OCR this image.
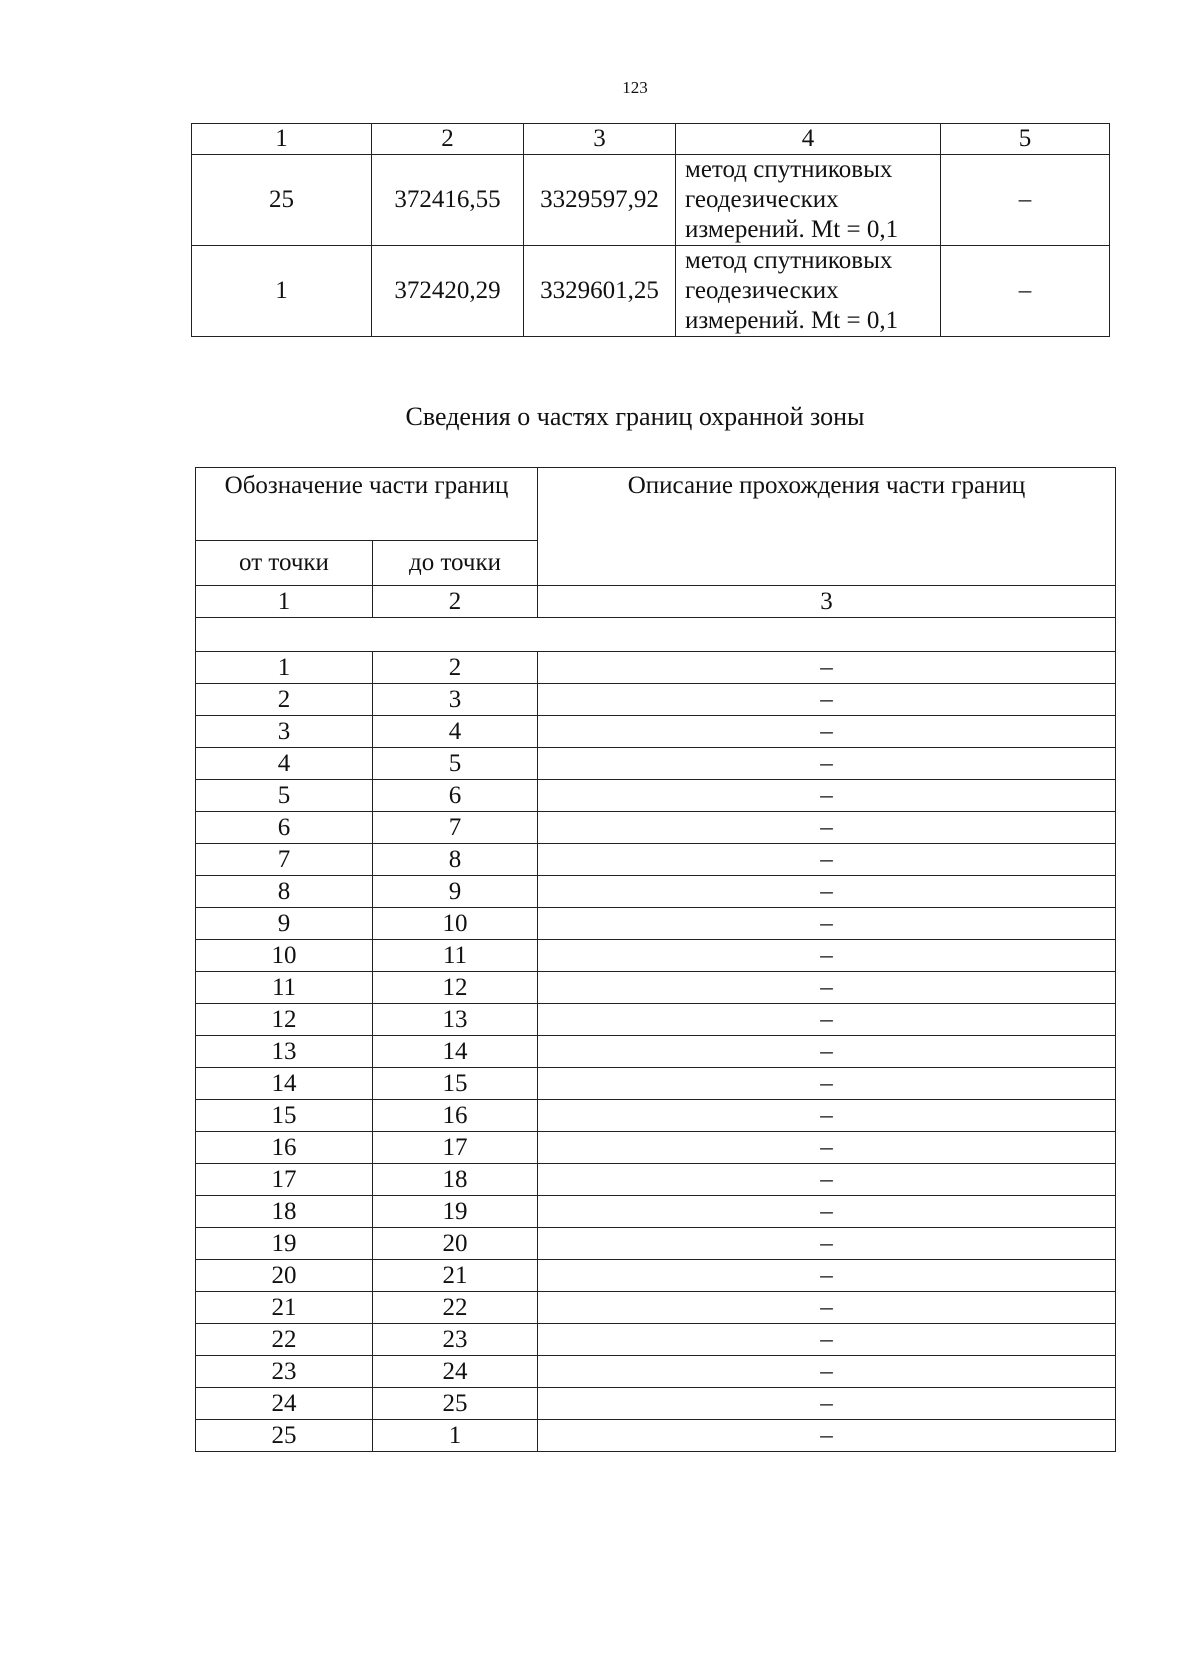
123
1	2	3	4	5
25	372416,55	3329597,92	метод спутниковых
геодезических
измерений. Mt = 0,1	–
1	372420,29	3329601,25	метод спутниковых
геодезических
измерений. Mt = 0,1	–
Сведения о частях границ охранной зоны
Обозначение части границ		Описание прохождения части границ
от точки	до точки	
1	2	3

1	2	–
2	3	–
3	4	–
4	5	–
5	6	–
6	7	–
7	8	–
8	9	–
9	10	–
10	11	–
11	12	–
12	13	–
13	14	–
14	15	–
15	16	–
16	17	–
17	18	–
18	19	–
19	20	–
20	21	–
21	22	–
22	23	–
23	24	–
24	25	–
25	1	–
